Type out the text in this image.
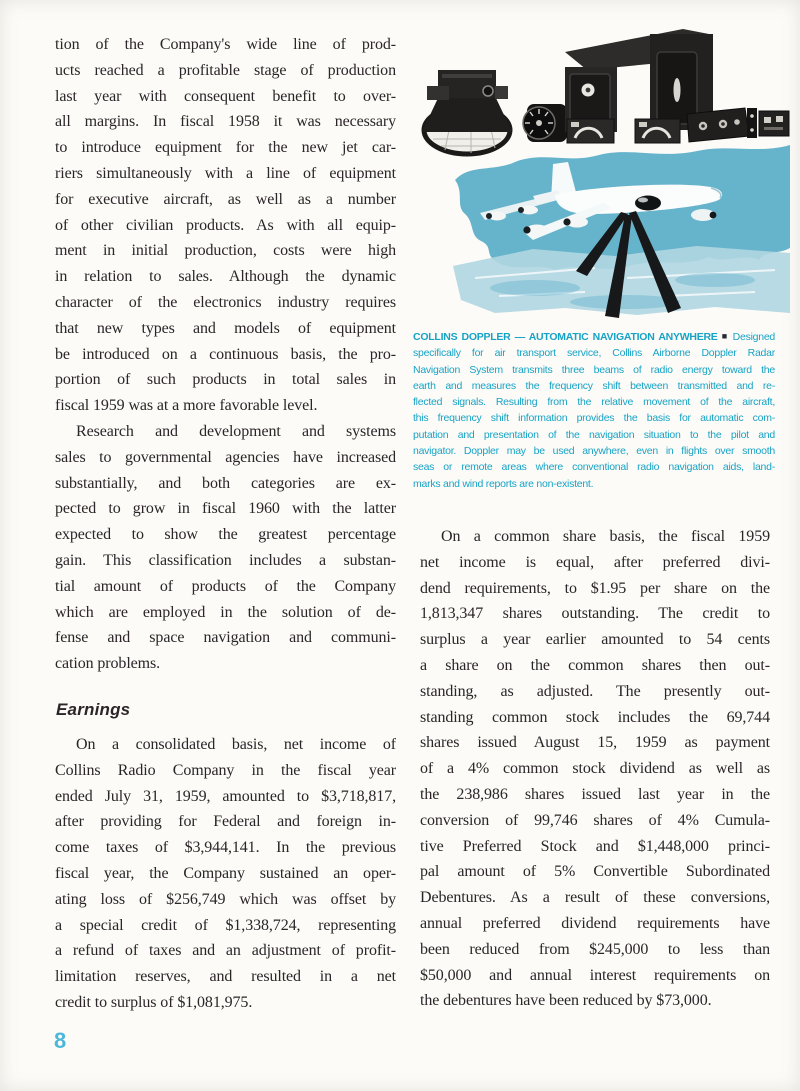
tion of the Company's wide line of prod-
ucts reached a profitable stage of production
last year with consequent benefit to over-
all margins. In fiscal 1958 it was necessary
to introduce equipment for the new jet car-
riers simultaneously with a line of equipment
for executive aircraft, as well as a number
of other civilian products. As with all equip-
ment in initial production, costs were high
in relation to sales. Although the dynamic
character of the electronics industry requires
that new types and models of equipment
be introduced on a continuous basis, the pro-
portion of such products in total sales in
fiscal 1959 was at a more favorable level.
Research and development and systems
sales to governmental agencies have increased
substantially, and both categories are ex-
pected to grow in fiscal 1960 with the latter
expected to show the greatest percentage
gain. This classification includes a substan-
tial amount of products of the Company
which are employed in the solution of de-
fense and space navigation and communi-
cation problems.
Earnings
On a consolidated basis, net income of
Collins Radio Company in the fiscal year
ended July 31, 1959, amounted to $3,718,817,
after providing for Federal and foreign in-
come taxes of $3,944,141. In the previous
fiscal year, the Company sustained an oper-
ating loss of $256,749 which was offset by
a special credit of $1,338,724, representing
a refund of taxes and an adjustment of profit-
limitation reserves, and resulted in a net
credit to surplus of $1,081,975.
COLLINS DOPPLER — AUTOMATIC NAVIGATION ANYWHERE ■ Designed
specifically for air transport service, Collins Airborne Doppler Radar
Navigation System transmits three beams of radio energy toward the
earth and measures the frequency shift between transmitted and re-
flected signals. Resulting from the relative movement of the aircraft,
this frequency shift information provides the basis for automatic com-
putation and presentation of the navigation situation to the pilot and
navigator. Doppler may be used anywhere, even in flights over smooth
seas or remote areas where conventional radio navigation aids, land-
marks and wind reports are non-existent.
On a common share basis, the fiscal 1959
net income is equal, after preferred divi-
dend requirements, to $1.95 per share on the
1,813,347 shares outstanding. The credit to
surplus a year earlier amounted to 54 cents
a share on the common shares then out-
standing, as adjusted. The presently out-
standing common stock includes the 69,744
shares issued August 15, 1959 as payment
of a 4% common stock dividend as well as
the 238,986 shares issued last year in the
conversion of 99,746 shares of 4% Cumula-
tive Preferred Stock and $1,448,000 princi-
pal amount of 5% Convertible Subordinated
Debentures. As a result of these conversions,
annual preferred dividend requirements have
been reduced from $245,000 to less than
$50,000 and annual interest requirements on
the debentures have been reduced by $73,000.
8
